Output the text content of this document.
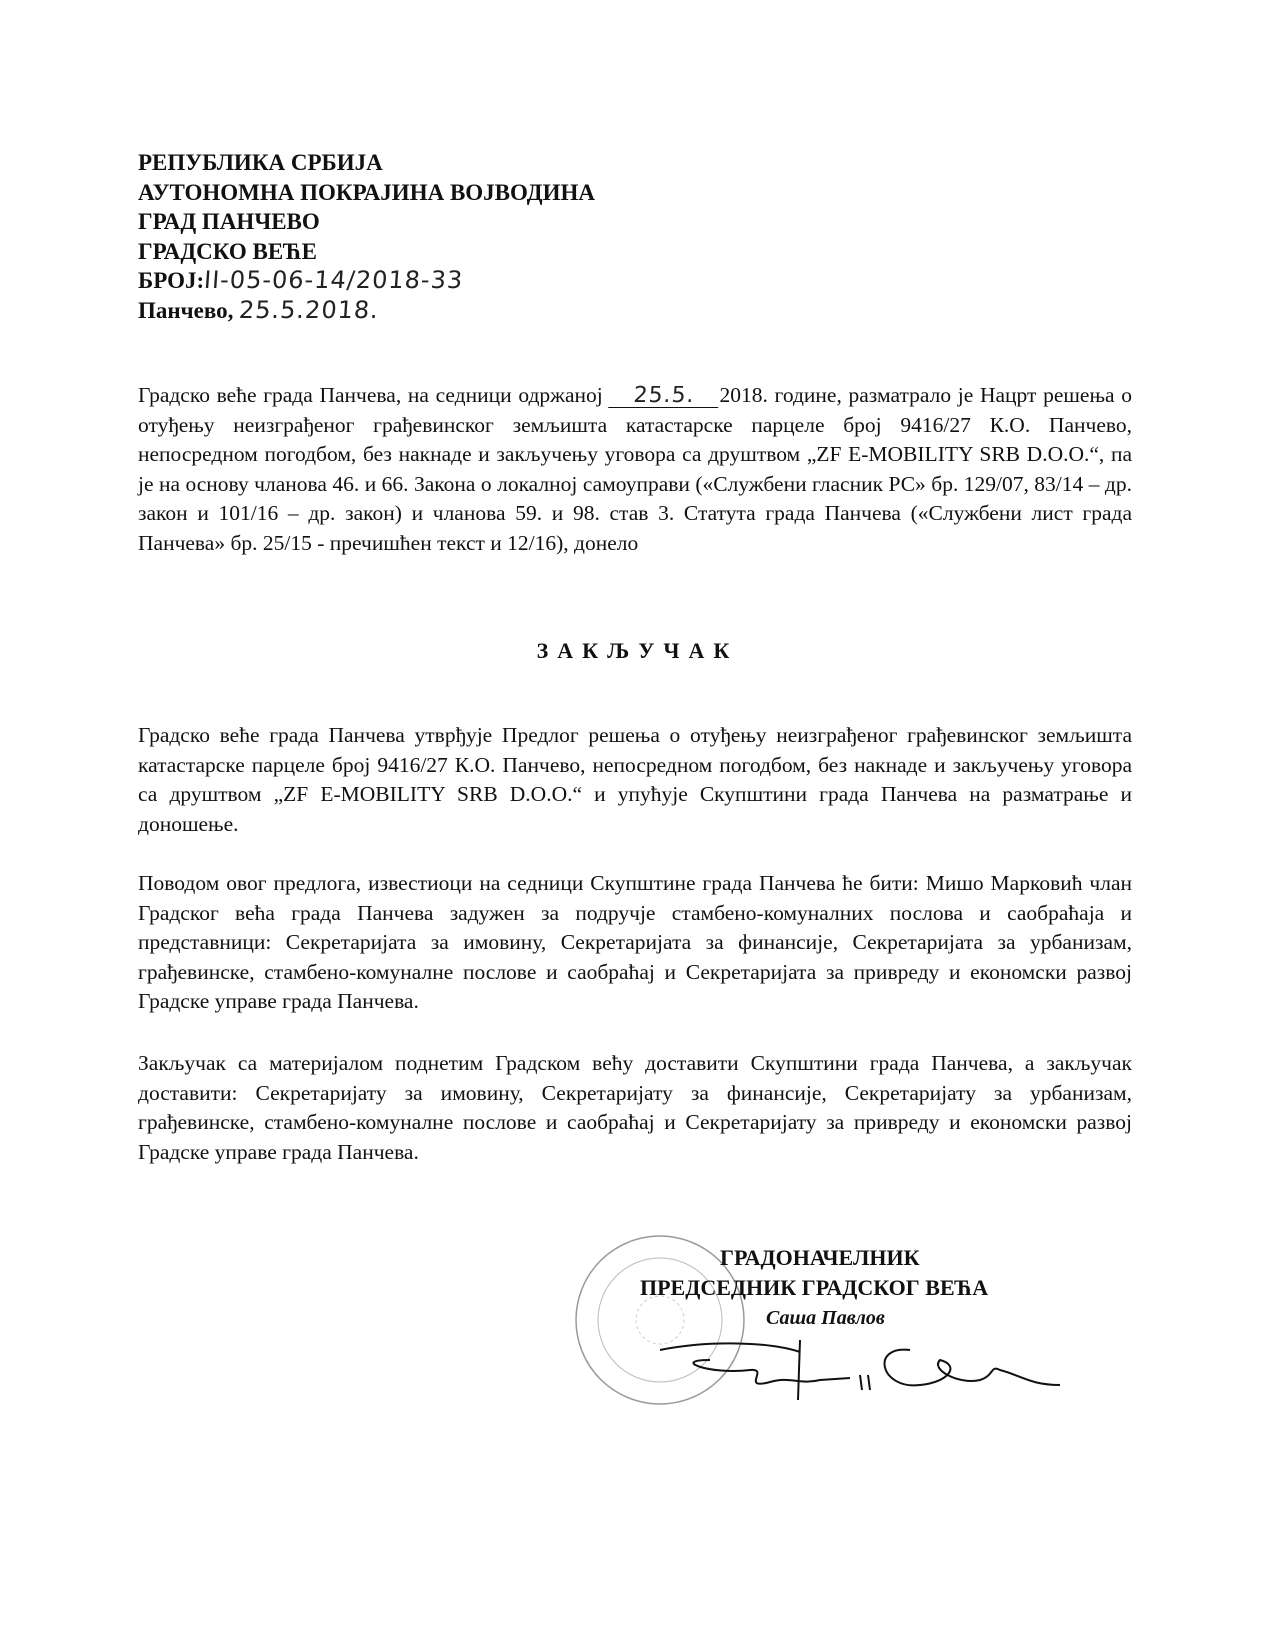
РЕПУБЛИКА СРБИЈА
АУТОНОМНА ПОКРАЈИНА ВОЈВОДИНА
ГРАД ПАНЧЕВО
ГРАДСКО ВЕЋЕ
БРОЈ:II-05-06-14/2018-33
Панчево, 25.5.2018.
Градско веће града Панчева, на седници одржаној 25.5. 2018. године, разматрало је Нацрт решења о отуђењу неизграђеног грађевинског земљишта катастарске парцеле број 9416/27 К.О. Панчево, непосредном погодбом, без накнаде и закључењу уговора са друштвом „ZF E-MOBILITY SRB D.O.O.“, па је на основу чланова 46. и 66. Закона о локалној самоуправи («Службени гласник РС» бр. 129/07, 83/14 – др. закон и 101/16 – др. закон) и чланова 59. и 98. став 3. Статута града Панчева («Службени лист града Панчева» бр. 25/15 - пречишћен текст и 12/16), донело
ЗАКЉУЧАК
Градско веће града Панчева утврђује Предлог решења о отуђењу неизграђеног грађевинског земљишта катастарске парцеле број 9416/27 К.О. Панчево, непосредном погодбом, без накнаде и закључењу уговора са друштвом „ZF E-MOBILITY SRB D.O.O.“ и упућује Скупштини града Панчева на разматрање и доношење.
Поводом овог предлога, известиоци на седници Скупштине града Панчева ће бити: Мишо Марковић члан Градског већа града Панчева задужен за подручје стамбено-комуналних послова и саобраћаја и представници: Секретаријата за имовину, Секретаријата за финансије, Секретаријата за урбанизам, грађевинске, стамбено-комуналне послове и саобраћај и Секретаријата за привреду и економски развој Градске управе града Панчева.
Закључак са материјалом поднетим Градском већу доставити Скупштини града Панчева, а закључак доставити: Секретаријату за имовину, Секретаријату за финансије, Секретаријату за урбанизам, грађевинске, стамбено-комуналне послове и саобраћај и Секретаријату за привреду и економски развој Градске управе града Панчева.
ГРАДОНАЧЕЛНИК
ПРЕДСЕДНИК ГРАДСКОГ ВЕЋА
Саша Павлов
